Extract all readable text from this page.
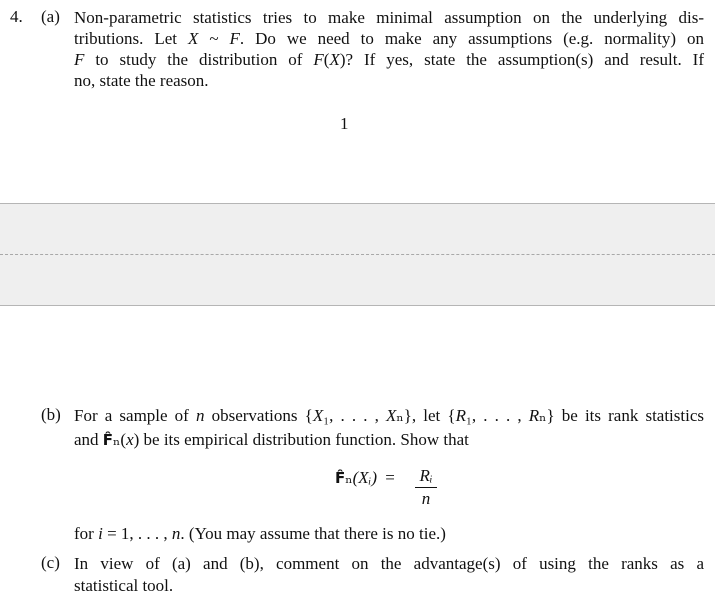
4. (a) Non-parametric statistics tries to make minimal assumption on the underlying dis-
tributions. Let X ~ F. Do we need to make any assumptions (e.g. normality) on
F to study the distribution of F(X)? If yes, state the assumption(s) and result. If
no, state the reason.
1
(b) For a sample of n observations {X₁, . . . , Xₙ}, let {R₁, . . . , Rₙ} be its rank statistics
and F̂ₙ(x) be its empirical distribution function. Show that
F̂ₙ(Xᵢ) = Rᵢ
n
for i = 1, . . . , n. (You may assume that there is no tie.)
(c) In view of (a) and (b), comment on the advantage(s) of using the ranks as a
statistical tool.
